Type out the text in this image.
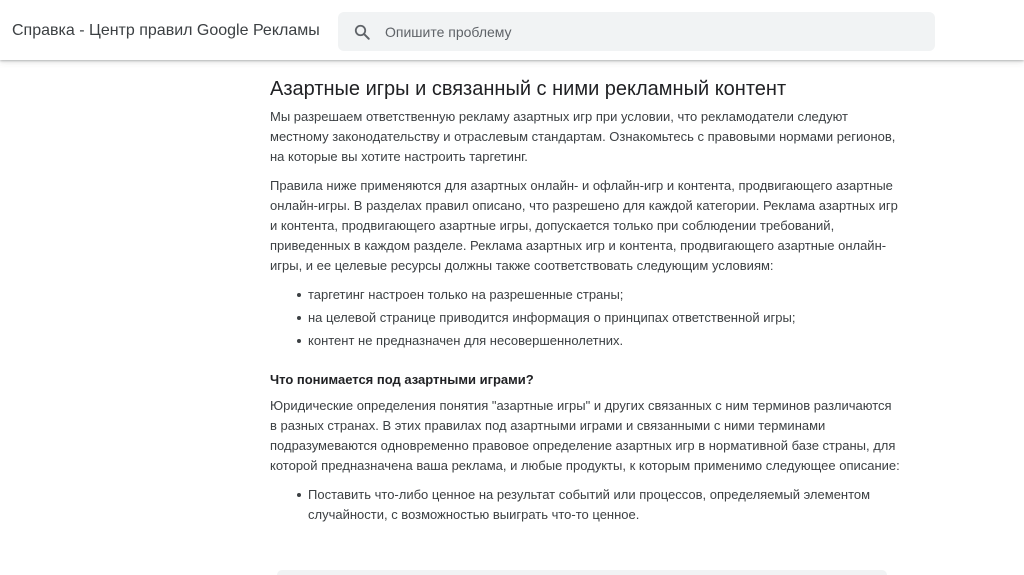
Справка - Центр правил Google Рекламы
Опишите проблему
Азартные игры и связанный с ними рекламный контент

Мы разрешаем ответственную рекламу азартных игр при условии, что рекламодатели следуют местному законодательству и отраслевым стандартам. Ознакомьтесь с правовыми нормами регионов, на которые вы хотите настроить таргетинг.

Правила ниже применяются для азартных онлайн- и офлайн-игр и контента, продвигающего азартные онлайн-игры. В разделах правил описано, что разрешено для каждой категории. Реклама азартных игр и контента, продвигающего азартные игры, допускается только при соблюдении требований, приведенных в каждом разделе. Реклама азартных игр и контента, продвигающего азартные онлайн-игры, и ее целевые ресурсы должны также соответствовать следующим условиям:

таргетинг настроен только на разрешенные страны;
на целевой странице приводится информация о принципах ответственной игры;
контент не предназначен для несовершеннолетних.
Что понимается под азартными играми?

Юридические определения понятия "азартные игры" и других связанных с ним терминов различаются в разных странах. В этих правилах под азартными играми и связанными с ними терминами подразумеваются одновременно правовое определение азартных игр в нормативной базе страны, для которой предназначена ваша реклама, и любые продукты, к которым применимо следующее описание:

Поставить что-либо ценное на результат событий или процессов, определяемый элементом случайности, с возможностью выиграть что-то ценное.
